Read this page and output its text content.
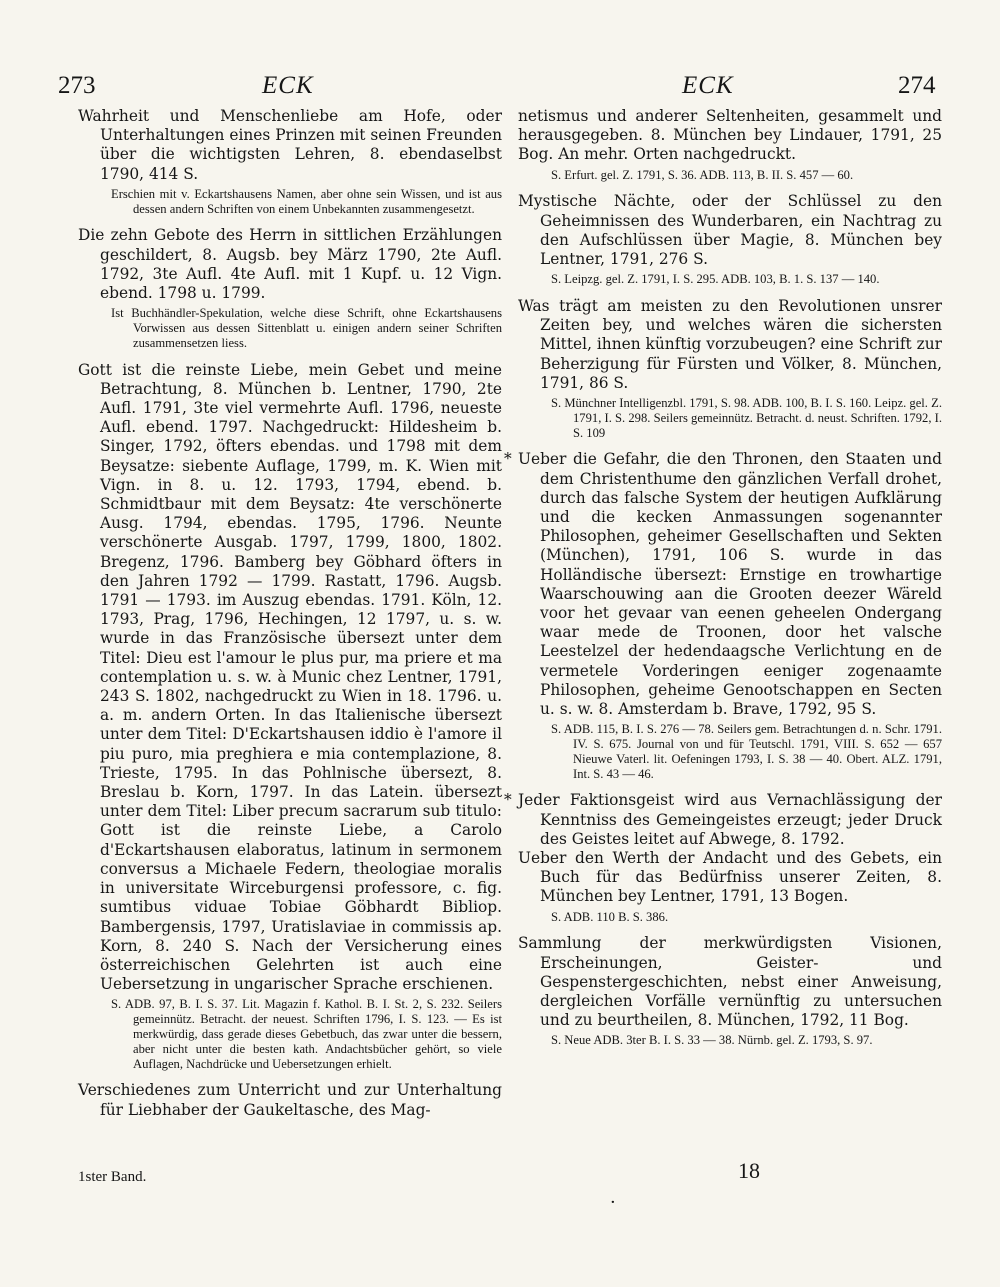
273	ECK	ECK	274

Wahrheit und Menschenliebe am Hofe, oder Unterhaltungen eines Prinzen mit seinen Freunden über die wichtigsten Lehren, 8. ebendaselbst 1790, 414 S.

Erschien mit v. Eckartshausens Namen, aber ohne sein Wissen, und ist aus dessen andern Schriften von einem Unbekannten zusammengesetzt.

Die zehn Gebote des Herrn in sittlichen Erzählungen geschildert, 8. Augsb. bey März 1790, 2te Aufl. 1792, 3te Aufl. 4te Aufl. mit 1 Kupf. u. 12 Vign. ebend. 1798 u. 1799.

Ist Buchhändler-Spekulation, welche diese Schrift, ohne Eckartshausens Vorwissen aus dessen Sittenblatt u. einigen andern seiner Schriften zusammensetzen liess.

Gott ist die reinste Liebe, mein Gebet und meine Betrachtung, 8. München b. Lentner, 1790, 2te Aufl. 1791, 3te viel vermehrte Aufl. 1796, neueste Aufl. ebend. 1797. Nachgedruckt: Hildesheim b. Singer, 1792, öfters ebendas. und 1798 mit dem Beysatze: siebente Auflage, 1799, m. K. Wien mit Vign. in 8. u. 12. 1793, 1794, ebend. b. Schmidtbaur mit dem Beysatz: 4te verschönerte Ausg. 1794, ebendas. 1795, 1796. Neunte verschönerte Ausgab. 1797, 1799, 1800, 1802. Bregenz, 1796. Bamberg bey Göbhard öfters in den Jahren 1792 — 1799. Rastatt, 1796. Augsb. 1791 — 1793. im Auszug ebendas. 1791. Köln, 12. 1793, Prag, 1796, Hechingen, 12 1797, u. s. w. wurde in das Französische übersezt unter dem Titel: Dieu est l'amour le plus pur, ma priere et ma contemplation u. s. w. à Munic chez Lentner, 1791, 243 S. 1802, nachgedruckt zu Wien in 18. 1796. u. a. m. andern Orten. In das Italienische übersezt unter dem Titel: D'Eckartshausen iddio è l'amore il piu puro, mia preghiera e mia contemplazione, 8. Trieste, 1795. In das Pohlnische übersezt, 8. Breslau b. Korn, 1797. In das Latein. übersezt unter dem Titel: Liber precum sacrarum sub titulo: Gott ist die reinste Liebe, a Carolo d'Eckartshausen elaboratus, latinum in sermonem conversus a Michaele Federn, theologiae moralis in universitate Wirceburgensi professore, c. fig. sumtibus viduae Tobiae Göbhardt Bibliop. Bambergensis, 1797, Uratislaviae in commissis ap. Korn, 8. 240 S. Nach der Versicherung eines österreichischen Gelehrten ist auch eine Uebersetzung in ungarischer Sprache erschienen.

S. ADB. 97, B. I. S. 37. Lit. Magazin f. Kathol. B. I. St. 2, S. 232. Seilers gemeinnütz. Betracht. der neuest. Schriften 1796, I. S. 123. — Es ist merkwürdig, dass gerade dieses Gebetbuch, das zwar unter die bessern, aber nicht unter die besten kath. Andachtsbücher gehört, so viele Auflagen, Nachdrücke und Uebersetzungen erhielt.

Verschiedenes zum Unterricht und zur Unterhaltung für Liebhaber der Gaukeltasche, des Mag-

netismus und anderer Seltenheiten, gesammelt und herausgegeben. 8. München bey Lindauer, 1791, 25 Bog. An mehr. Orten nachgedruckt.

S. Erfurt. gel. Z. 1791, S. 36. ADB. 113, B. II. S. 457 — 60.

Mystische Nächte, oder der Schlüssel zu den Geheimnissen des Wunderbaren, ein Nachtrag zu den Aufschlüssen über Magie, 8. München bey Lentner, 1791, 276 S.

S. Leipzg. gel. Z. 1791, I. S. 295. ADB. 103, B. 1. S. 137 — 140.

Was trägt am meisten zu den Revolutionen unsrer Zeiten bey, und welches wären die sichersten Mittel, ihnen künftig vorzubeugen? eine Schrift zur Beherzigung für Fürsten und Völker, 8. München, 1791, 86 S.

S. Münchner Intelligenzbl. 1791, S. 98. ADB. 100, B. I. S. 160. Leipz. gel. Z. 1791, I. S. 298. Seilers gemeinnütz. Betracht. d. neust. Schriften. 1792, I. S. 109

* Ueber die Gefahr, die den Thronen, den Staaten und dem Christenthume den gänzlichen Verfall drohet, durch das falsche System der heutigen Aufklärung und die kecken Anmassungen sogenannter Philosophen, geheimer Gesellschaften und Sekten (München), 1791, 106 S. wurde in das Holländische übersezt: Ernstige en trowhartige Waarschouwing aan die Grooten deezer Wäreld voor het gevaar van eenen geheelen Ondergang waar mede de Troonen, door het valsche Leestelzel der hedendaagsche Verlichtung en de vermetele Vorderingen eeniger zogenaamte Philosophen, geheime Genootschappen en Secten u. s. w. 8. Amsterdam b. Brave, 1792, 95 S.

S. ADB. 115, B. I. S. 276 — 78. Seilers gem. Betrachtungen d. n. Schr. 1791. IV. S. 675. Journal von und für Teutschl. 1791, VIII. S. 652 — 657 Nieuwe Vaterl. lit. Oefeningen 1793, I. S. 38 — 40. Obert. ALZ. 1791, Int. S. 43 — 46.

* Jeder Faktionsgeist wird aus Vernachlässigung der Kenntniss des Gemeingeistes erzeugt; jeder Druck des Geistes leitet auf Abwege, 8. 1792.

Ueber den Werth der Andacht und des Gebets, ein Buch für das Bedürfniss unserer Zeiten, 8. München bey Lentner, 1791, 13 Bogen.

S. ADB. 110 B. S. 386.

Sammlung der merkwürdigsten Visionen, Erscheinungen, Geister- und Gespenstergeschichten, nebst einer Anweisung, dergleichen Vorfälle vernünftig zu untersuchen und zu beurtheilen, 8. München, 1792, 11 Bog.

S. Neue ADB. 3ter B. I. S. 33 — 38. Nürnb. gel. Z. 1793, S. 97.

1ster Band.	18
·
